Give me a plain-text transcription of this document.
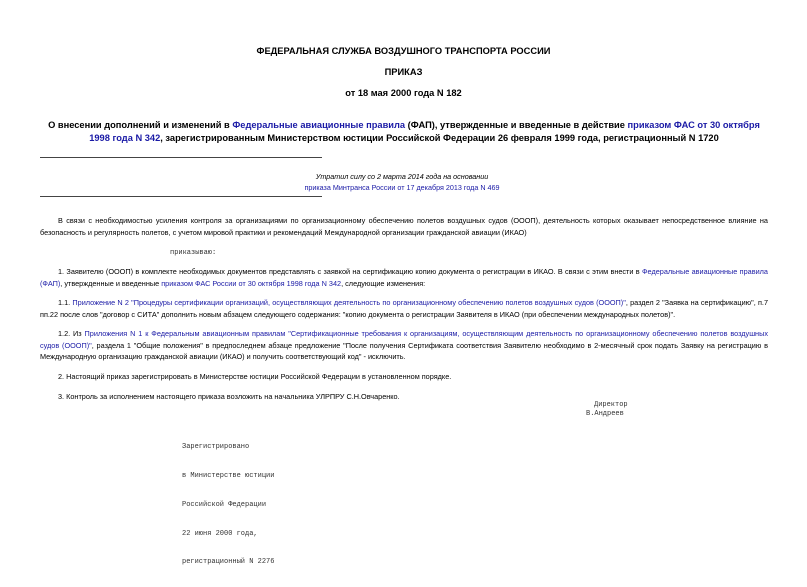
ФЕДЕРАЛЬНАЯ СЛУЖБА ВОЗДУШНОГО ТРАНСПОРТА РОССИИ
ПРИКАЗ
от 18 мая 2000 года N 182
О внесении дополнений и изменений в Федеральные авиационные правила (ФАП), утвержденные и введенные в действие приказом ФАС от 30 октября 1998 года N 342, зарегистрированным Министерством юстиции Российской Федерации 26 февраля 1999 года, регистрационный N 1720
Утратил силу со 2 марта 2014 года на основании
приказа Минтранса России от 17 декабря 2013 года N 469
В связи с необходимостью усиления контроля за организациями по организационному обеспечению полетов воздушных судов (ОООП), деятельность которых оказывает непосредственное влияние на безопасность и регулярность полетов, с учетом мировой практики и рекомендаций Международной организации гражданской авиации (ИКАО)
приказываю:
1. Заявителю (ОООП) в комплекте необходимых документов представлять с заявкой на сертификацию копию документа о регистрации в ИКАО. В связи с этим внести в Федеральные авиационные правила (ФАП), утвержденные и введенные приказом ФАС России от 30 октября 1998 года N 342, следующие изменения:
1.1. Приложение N 2 "Процедуры сертификации организаций, осуществляющих деятельность по организационному обеспечению полетов воздушных судов (ОООП)", раздел 2 "Заявка на сертификацию", п.7 пп.22 после слов "договор с СИТА" дополнить новым абзацем следующего содержания: "копию документа о регистрации Заявителя в ИКАО (при обеспечении международных полетов)".
1.2. Из Приложения N 1 к Федеральным авиационным правилам "Сертификационные требования к организациям, осуществляющим деятельность по организационному обеспечению полетов воздушных судов (ОООП)", раздела 1 "Общие положения" в предпоследнем абзаце предложение "После получения Сертификата соответствия Заявителю необходимо в 2-месячный срок подать Заявку на регистрацию в Международную организацию гражданской авиации (ИКАО) и получить соответствующий код" - исключить.
2. Настоящий приказ зарегистрировать в Министерстве юстиции Российской Федерации в установленном порядке.
3. Контроль за исполнением настоящего приказа возложить на начальника УЛРПРУ С.Н.Овчаренко.
Директор
В.Андреев

Зарегистрировано

в Министерстве юстиции

Российской Федерации

22 июня 2000 года,

регистрационный N 2276
